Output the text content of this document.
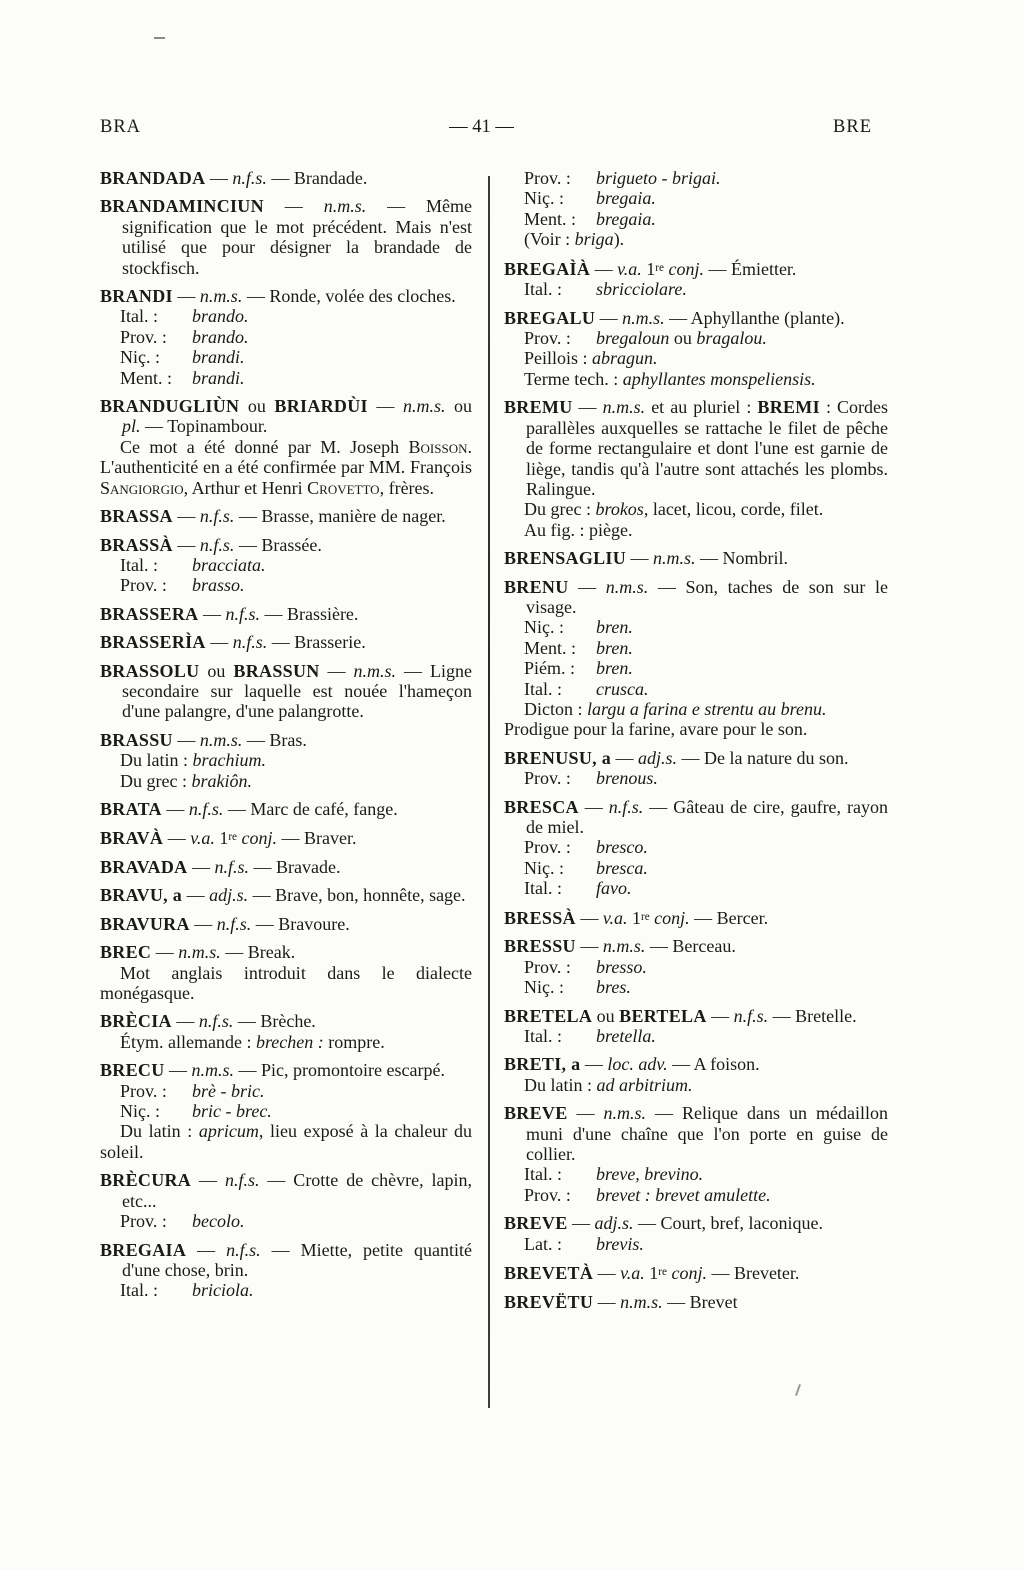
BRA	— 41 —	BRE

BRANDADA — n.f.s. — Brandade.

BRANDAMINCIUN — n.m.s. — Même signification que le mot précédent. Mais n'est utilisé que pour désigner la brandade de stockfisch.

BRANDI — n.m.s. — Ronde, volée des cloches.

Ital. : brando.

Prov. : brando.

Niç. : brandi.

Ment. : brandi.

BRANDUGLIÙN ou BRIARDÙI — n.m.s. ou pl. — Topinambour.

Ce mot a été donné par M. Joseph Boisson. L'authenticité en a été confirmée par MM. François Sangiorgio, Arthur et Henri Crovetto, frères.

BRASSA — n.f.s. — Brasse, manière de nager.

BRASSÀ — n.f.s. — Brassée.

Ital. : bracciata.

Prov. : brasso.

BRASSERA — n.f.s. — Brassière.

BRASSERÌA — n.f.s. — Brasserie.

BRASSOLU ou BRASSUN — n.m.s. — Ligne secondaire sur laquelle est nouée l'hameçon d'une palangre, d'une palangrotte.

BRASSU — n.m.s. — Bras.

Du latin : brachium.

Du grec : brakiôn.

BRATA — n.f.s. — Marc de café, fange.

BRAVÀ — v.a. 1re conj. — Braver.

BRAVADA — n.f.s. — Bravade.

BRAVU, a — adj.s. — Brave, bon, honnête, sage.

BRAVURA — n.f.s. — Bravoure.

BREC — n.m.s. — Break.

Mot anglais introduit dans le dialecte monégasque.

BRÈCIA — n.f.s. — Brèche.

Étym. allemande : brechen : rompre.

BRECU — n.m.s. — Pic, promontoire escarpé.

Prov. : brè - bric.

Niç. : bric - brec.

Du latin : apricum, lieu exposé à la chaleur du soleil.

BRÈCURA — n.f.s. — Crotte de chèvre, lapin, etc...

Prov. : becolo.

BREGAIA — n.f.s. — Miette, petite quantité d'une chose, brin.

Ital. : briciola.

Prov. : brigueto - brigai.

Niç. : bregaia.

Ment. : bregaia.

(Voir : briga).

BREGAÌÀ — v.a. 1re conj. — Émietter.

Ital. : sbricciolare.

BREGALU — n.m.s. — Aphyllanthe (plante).

Prov. : bregaloun ou bragalou.

Peillois : abragun.

Terme tech. : aphyllantes monspeliensis.

BREMU — n.m.s. et au pluriel : BREMI : Cordes parallèles auxquelles se rattache le filet de pêche de forme rectangulaire et dont l'une est garnie de liège, tandis qu'à l'autre sont attachés les plombs. Ralingue.

Du grec : brokos, lacet, licou, corde, filet.

Au fig. : piège.

BRENSAGLIU — n.m.s. — Nombril.

BRENU — n.m.s. — Son, taches de son sur le visage.

Niç. : bren.

Ment. : bren.

Piém. : bren.

Ital. : crusca.

Dicton : largu a farina e strentu au brenu.

Prodigue pour la farine, avare pour le son.

BRENUSU, a — adj.s. — De la nature du son.

Prov. : brenous.

BRESCA — n.f.s. — Gâteau de cire, gaufre, rayon de miel.

Prov. : bresco.

Niç. : bresca.

Ital. : favo.

BRESSÀ — v.a. 1re conj. — Bercer.

BRESSU — n.m.s. — Berceau.

Prov. : bresso.

Niç. : bres.

BRETELA ou BERTELA — n.f.s. — Bretelle.

Ital. : bretella.

BRETI, a — loc. adv. — A foison.

Du latin : ad arbitrium.

BREVE — n.m.s. — Relique dans un médaillon muni d'une chaîne que l'on porte en guise de collier.

Ital. : breve, brevino.

Prov. : brevet : brevet amulette.

BREVE — adj.s. — Court, bref, laconique.

Lat. : brevis.

BREVETÀ — v.a. 1re conj. — Breveter.

BREVËTU — n.m.s. — Brevet
